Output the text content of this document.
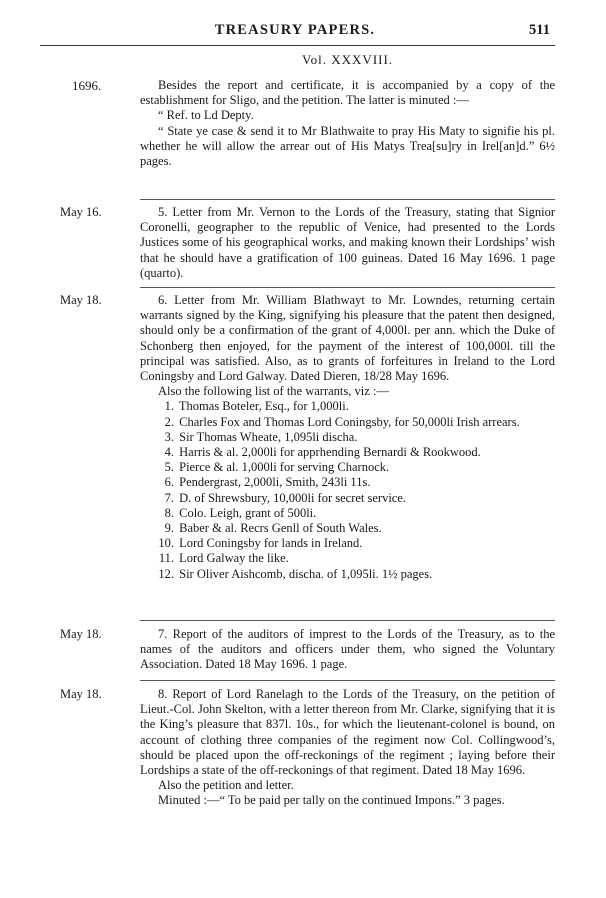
TREASURY PAPERS.	511
Vol. XXXVIII.
1696.	Besides the report and certificate, it is accompanied by a copy of the establishment for Sligo, and the petition. The latter is minuted :—

“ Ref. to Ld Depty.

“ State ye case & send it to Mr Blathwaite to pray His Maty to signifie his pl. whether he will allow the arrear out of His Matys Trea[su]ry in Irel[an]d.” 6½ pages.

May 16.	5. Letter from Mr. Vernon to the Lords of the Treasury, stating that Signior Coronelli, geographer to the republic of Venice, had presented to the Lords Justices some of his geographical works, and making known their Lordships’ wish that he should have a gratification of 100 guineas. Dated 16 May 1696. 1 page (quarto).

May 18.	6. Letter from Mr. William Blathwayt to Mr. Lowndes, returning certain warrants signed by the King, signifying his pleasure that the patent then designed, should only be a confirmation of the grant of 4,000l. per ann. which the Duke of Schonberg then enjoyed, for the payment of the interest of 100,000l. till the principal was satisfied. Also, as to grants of forfeitures in Ireland to the Lord Coningsby and Lord Galway. Dated Dieren, 18/28 May 1696.

Also the following list of the warrants, viz :—

1. Thomas Boteler, Esq., for 1,000li.
2. Charles Fox and Thomas Lord Coningsby, for 50,000li Irish arrears.
3. Sir Thomas Wheate, 1,095li discha.
4. Harris & al. 2,000li for apprhending Bernardi & Rookwood.
5. Pierce & al. 1,000li for serving Charnock.
6. Pendergrast, 2,000li, Smith, 243li 11s.
7. D. of Shrewsbury, 10,000li for secret service.
8. Colo. Leigh, grant of 500li.
9. Baber & al. Recrs Genll of South Wales.
10. Lord Coningsby for lands in Ireland.
11. Lord Galway the like.
12. Sir Oliver Aishcomb, discha. of 1,095li. 1½ pages.
May 18.	7. Report of the auditors of imprest to the Lords of the Treasury, as to the names of the auditors and officers under them, who signed the Voluntary Association. Dated 18 May 1696. 1 page.

May 18.	8. Report of Lord Ranelagh to the Lords of the Treasury, on the petition of Lieut.-Col. John Skelton, with a letter thereon from Mr. Clarke, signifying that it is the King’s pleasure that 837l. 10s., for which the lieutenant-colonel is bound, on account of clothing three companies of the regiment now Col. Collingwood’s, should be placed upon the off-reckonings of the regiment ; laying before their Lordships a state of the off-reckonings of that regiment. Dated 18 May 1696.

Also the petition and letter.

Minuted :—“ To be paid per tally on the continued Impons.” 3 pages.
